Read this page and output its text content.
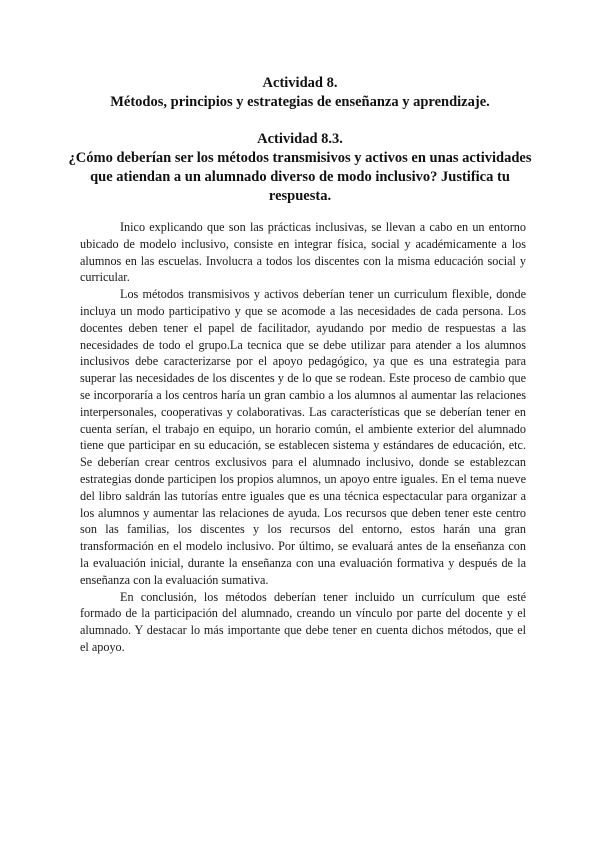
Actividad 8.
Métodos, principios y estrategias de enseñanza y aprendizaje.
Actividad 8.3.
¿Cómo deberían ser los métodos transmisivos y activos en unas actividades que atiendan a un alumnado diverso de modo inclusivo? Justifica tu respuesta.

Inico explicando que son las prácticas inclusivas, se llevan a cabo en un entorno ubicado de modelo inclusivo, consiste en integrar física, social y académicamente a los alumnos en las escuelas. Involucra a todos los discentes con la misma educación social y curricular.

Los métodos transmisivos y activos deberían tener un curriculum flexible, donde incluya un modo participativo y que se acomode a las necesidades de cada persona. Los docentes deben tener el papel de facilitador, ayudando por medio de respuestas a las necesidades de todo el grupo.La tecnica que se debe utilizar para atender a los alumnos inclusivos debe caracterizarse por el apoyo pedagógico, ya que es una estrategia para superar las necesidades de los discentes y de lo que se rodean. Este proceso de cambio que se incorporaría a los centros haría un gran cambio a los alumnos al aumentar las relaciones interpersonales, cooperativas y colaborativas. Las características que se deberían tener en cuenta serían, el trabajo en equipo, un horario común, el ambiente exterior del alumnado tiene que participar en su educación, se establecen sistema y estándares de educación, etc. Se deberían crear centros exclusivos para el alumnado inclusivo, donde se establezcan estrategias donde participen los propios alumnos, un apoyo entre iguales. En el tema nueve del libro saldrán las tutorías entre iguales que es una técnica espectacular para organizar a los alumnos y aumentar las relaciones de ayuda. Los recursos que deben tener este centro son las familias, los discentes y los recursos del entorno, estos harán una gran transformación en el modelo inclusivo. Por último, se evaluará antes de la enseñanza con la evaluación inicial, durante la enseñanza con una evaluación formativa y después de la enseñanza con la evaluación sumativa.

En conclusión, los métodos deberían tener incluido un currículum que esté formado de la participación del alumnado, creando un vínculo por parte del docente y el alumnado. Y destacar lo más importante que debe tener en cuenta dichos métodos, que el el apoyo.
